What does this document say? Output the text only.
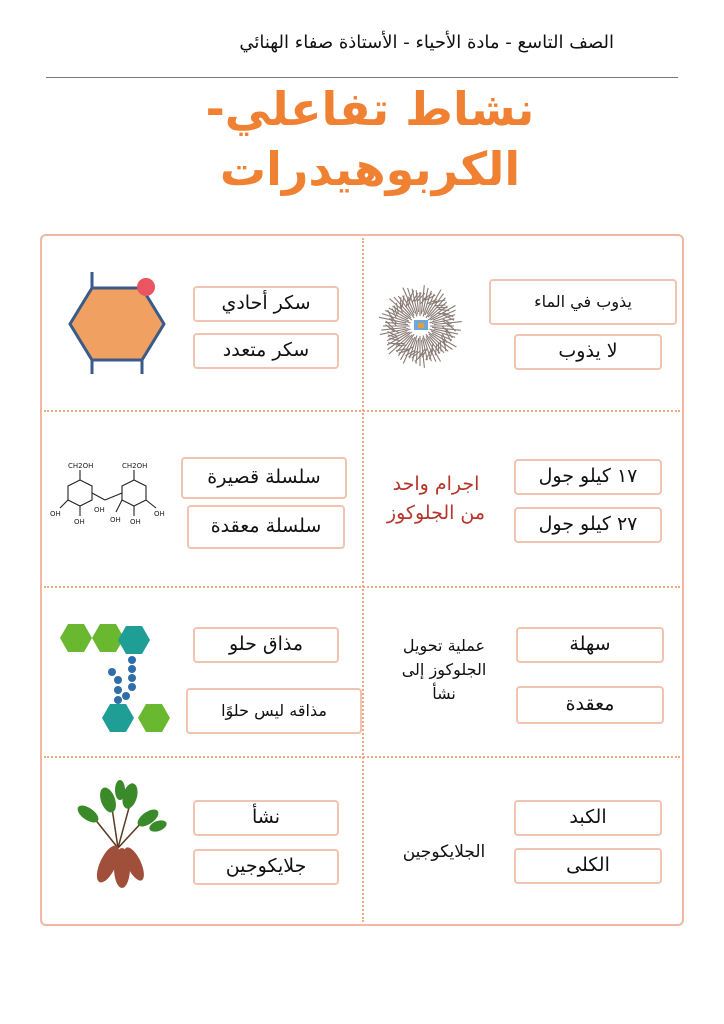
الصف التاسع - مادة الأحياء - الأستاذة صفاء الهنائي
نشاط تفاعلي-
الكربوهيدرات
يذوب في الماء
لا يذوب
سكر أحادي
سكر متعدد
اجرام واحد
من الجلوكوز
١٧ كيلو جول
٢٧ كيلو جول
CH2OH	CH2OH
OH
OH
OH
OH OH
OH
سلسلة قصيرة
سلسلة معقدة
عملية تحويل
الجلوكوز إلى
نشأ
سهلة
معقدة
مذاق حلو
مذاقه ليس حلوًا
الجلايكوجين
الكبد
الكلى
نشأ
جلايكوجين
